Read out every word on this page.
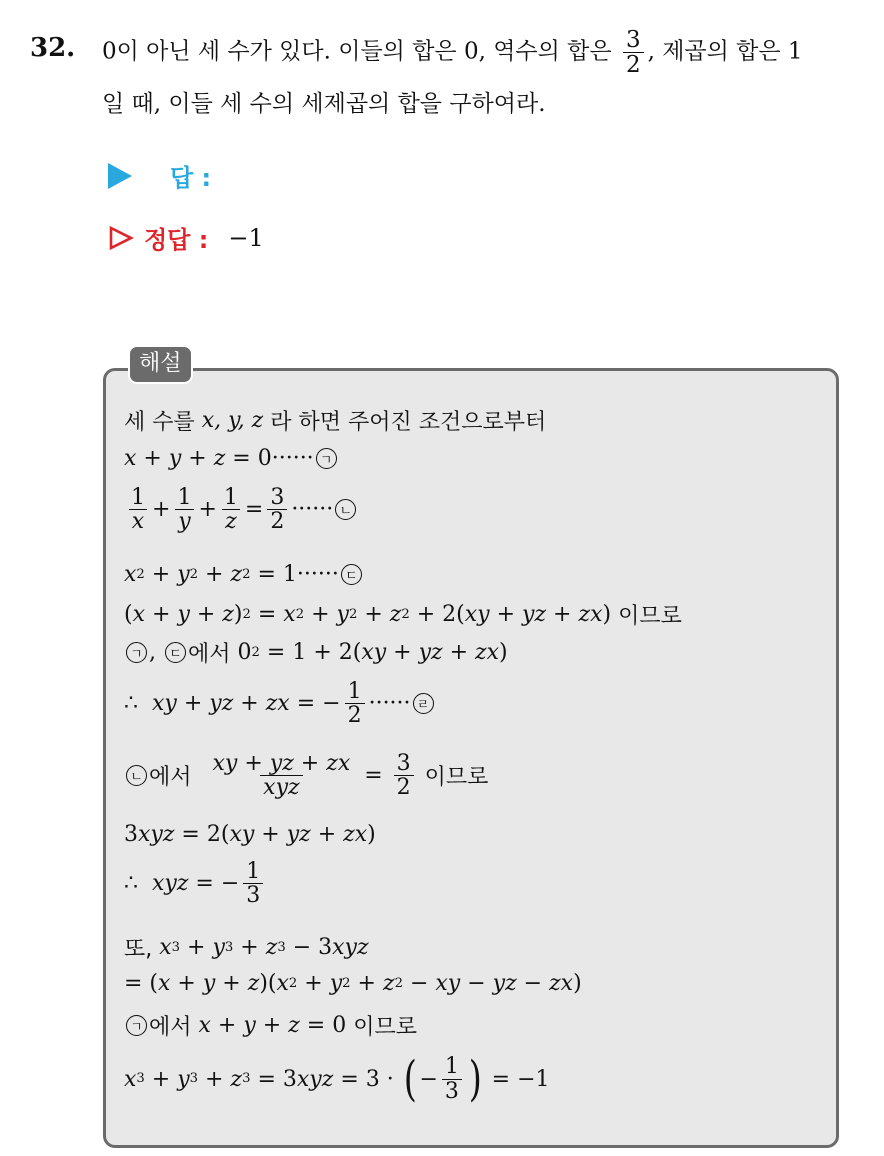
32. 0이 아닌 세 수가 있다. 이들의 합은 0, 역수의 합은 $\frac{3}{2}$ , 제곱의 합은 1
일 때, 이들 세 수의 세제곱의 합을 구하여라.
답 :
정답 : −1
해설
세 수를
x, y, z
라 하면 주어진 조건으로부터
x + y + z = 0 ······ ㄱ
$\frac{1}{x} + \frac{1}{y} + \frac{1}{z} = \frac{3}{2}$ ······ ㄴ
x 2 + y 2 + z 2 = 1 ······ ㄷ
( x + y + z ) 2 = x 2 + y 2 + z 2 + 2( xy + yz + zx ) 이므로
ㄱ , ㄷ 에서 0 2 = 1 + 2( xy + yz + zx )
∴
xy + yz + zx = − $\frac{1}{2}$ ······ ㄹ
ㄴ 에서
$\frac{xy + yz + zx}{\text{xyz}} = \frac{3}{2}$
이므로
3 xyz = 2( xy + yz + zx )
∴
xyz = − $\frac{1}{3}$
또,
x 3 + y 3 + z 3 − 3 xyz
= ( x + y + z )( x 2 + y 2 + z 2 − xy − yz − zx )
ㄱ 에서
x + y + z = 0 이므로
x 3 + y 3 + z 3 = 3 xyz = 3 · ( − $\frac{1}{3}$ ) = −1
